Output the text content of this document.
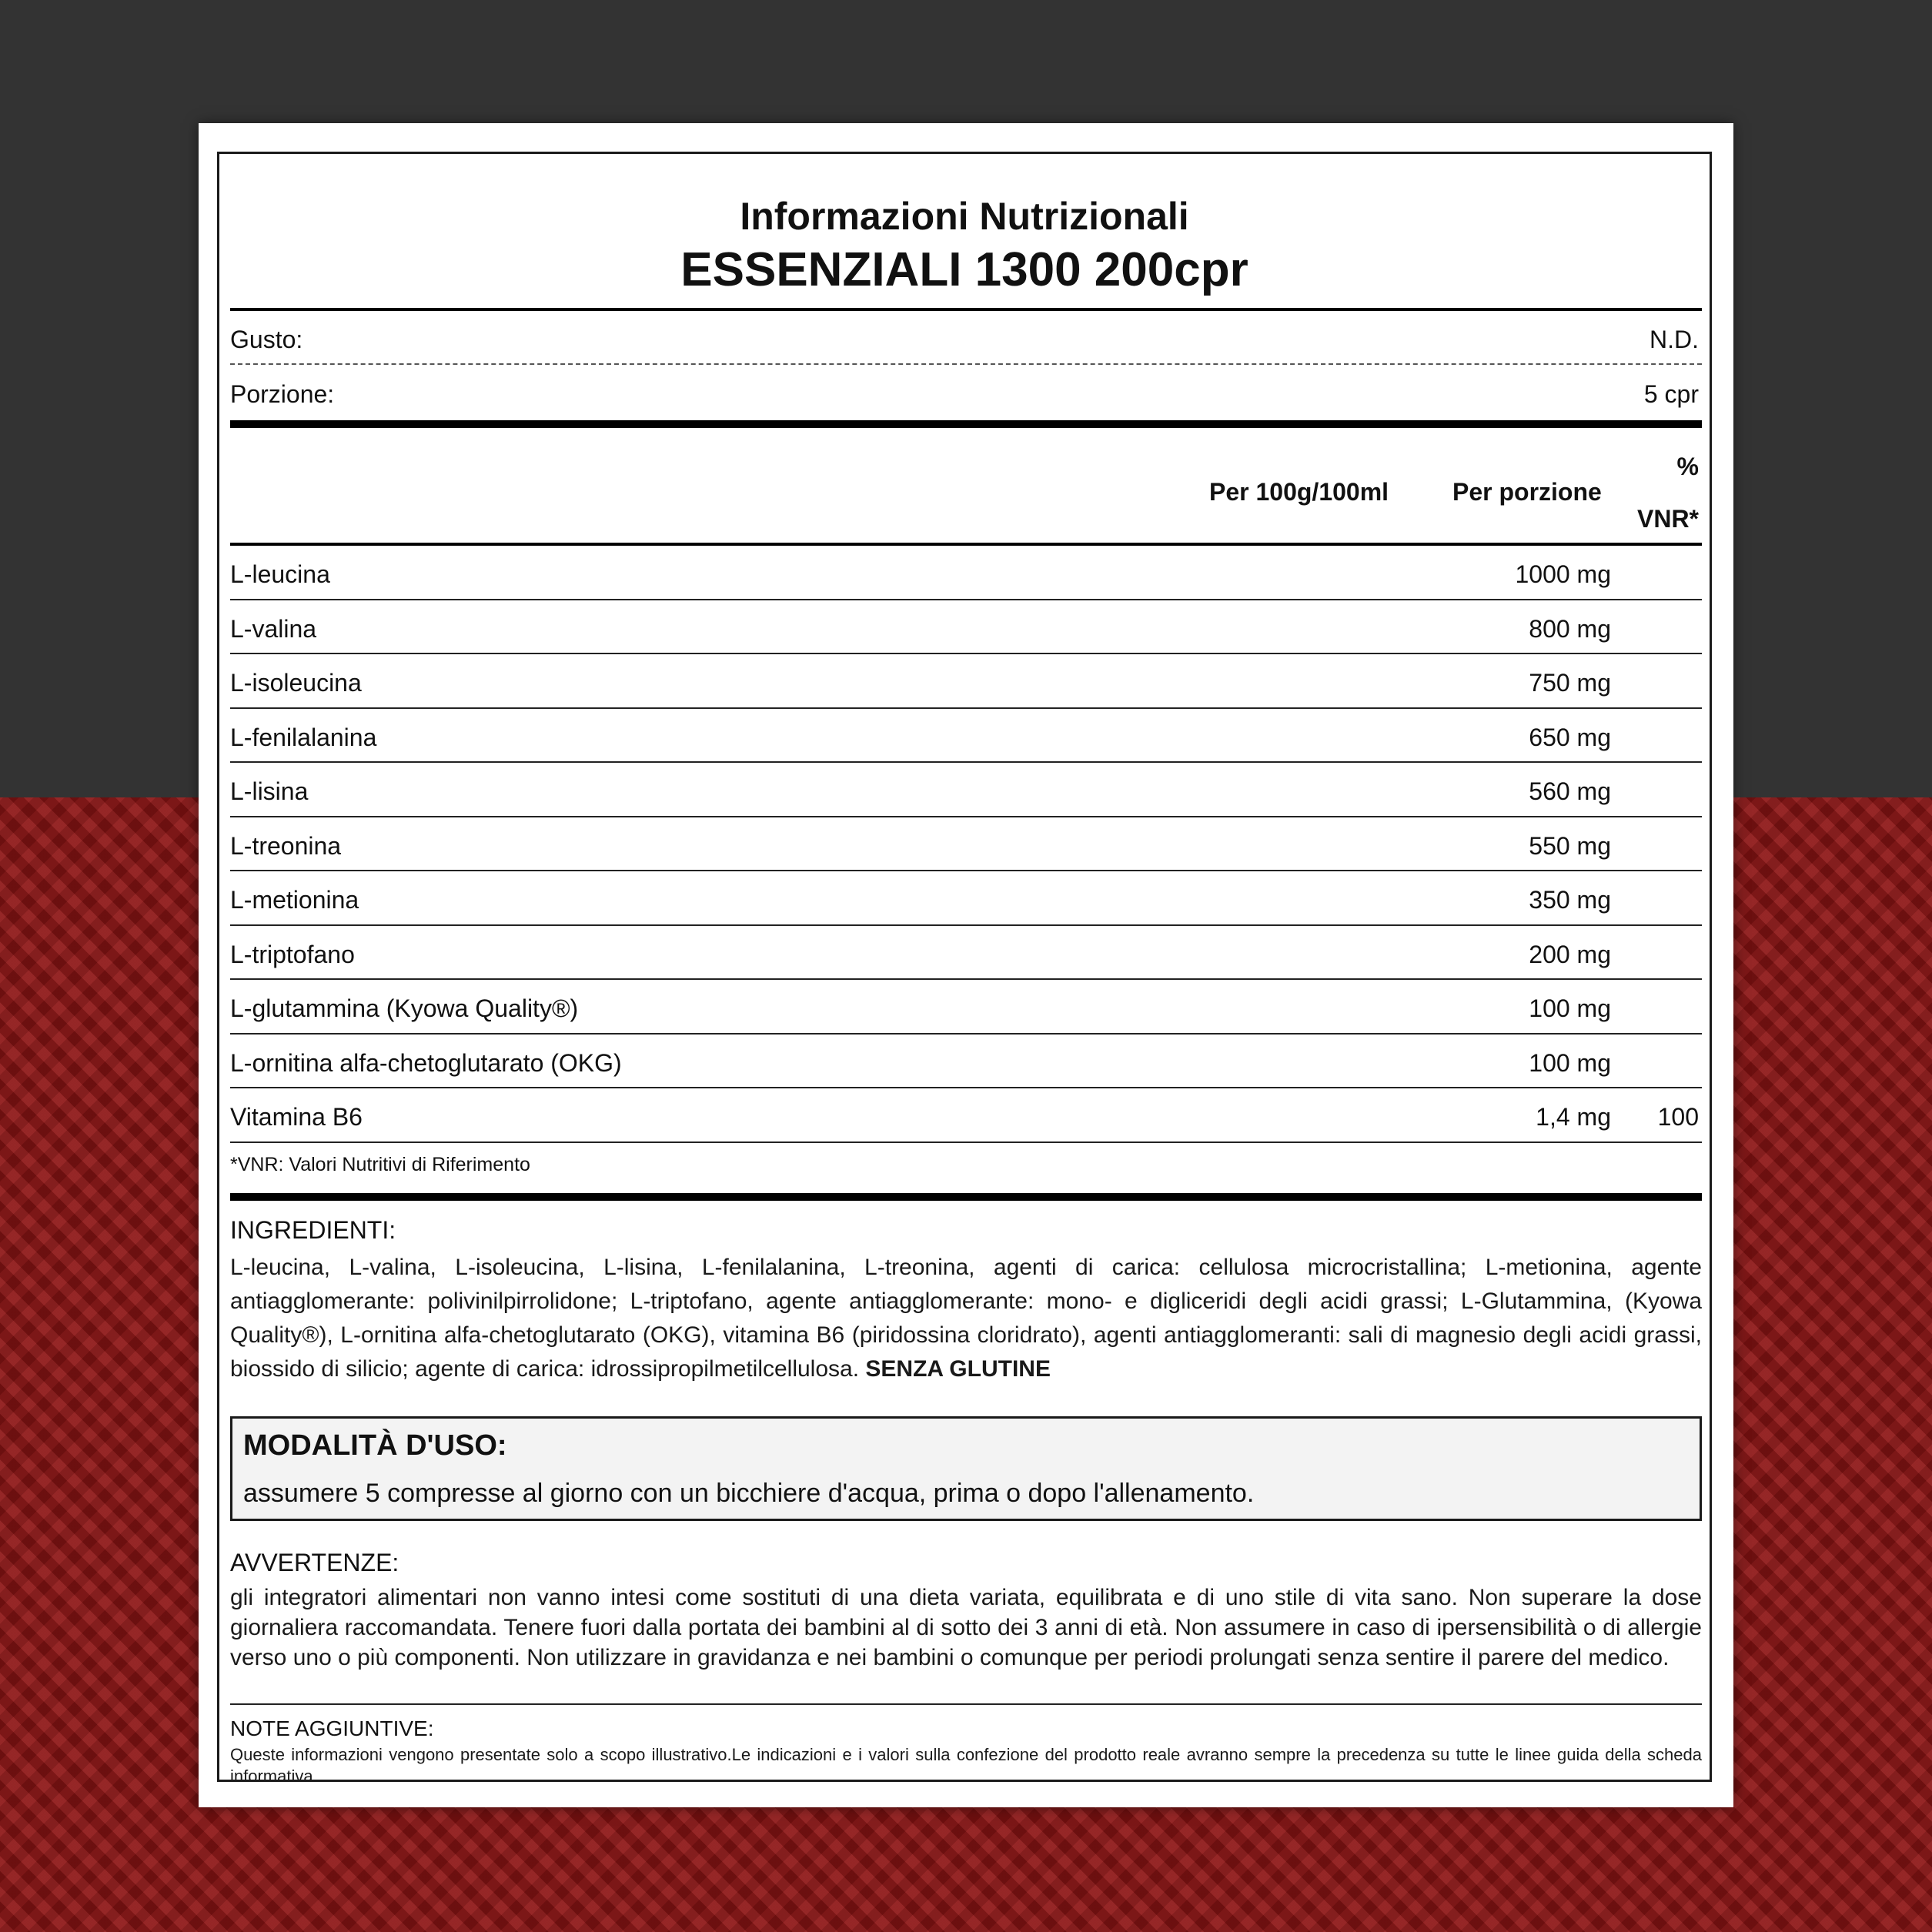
Informazioni Nutrizionali
ESSENZIALI 1300 200cpr
Gusto:	N.D.
Porzione:	5 cpr
Per 100g/100ml	Per porzione
%
VNR*
L-leucina	1000 mg
L-valina	800 mg
L-isoleucina	750 mg
L-fenilalanina	650 mg
L-lisina	560 mg
L-treonina	550 mg
L-metionina	350 mg
L-triptofano	200 mg
L-glutammina (Kyowa Quality®)	100 mg
L-ornitina alfa-chetoglutarato (OKG)	100 mg
Vitamina B6	1,4 mg 100
*VNR: Valori Nutritivi di Riferimento
INGREDIENTI:
L-leucina, L-valina, L-isoleucina, L-lisina, L-fenilalanina, L-treonina, agenti di carica: cellulosa microcristallina; L-metionina, agente antiagglomerante: polivinilpirrolidone; L-triptofano, agente antiagglomerante: mono- e digliceridi degli acidi grassi; L-Glutammina, (Kyowa Quality®), L-ornitina alfa-chetoglutarato (OKG), vitamina B6 (piridossina cloridrato), agenti antiagglomeranti: sali di magnesio degli acidi grassi, biossido di silicio; agente di carica: idrossipropilmetilcellulosa. SENZA GLUTINE
MODALITÀ D'USO:
assumere 5 compresse al giorno con un bicchiere d'acqua, prima o dopo l'allenamento.
AVVERTENZE:
gli integratori alimentari non vanno intesi come sostituti di una dieta variata, equilibrata e di uno stile di vita sano. Non superare la dose giornaliera raccomandata. Tenere fuori dalla portata dei bambini al di sotto dei 3 anni di età. Non assumere in caso di ipersensibilità o di allergie verso uno o più componenti. Non utilizzare in gravidanza e nei bambini o comunque per periodi prolungati senza sentire il parere del medico.
NOTE AGGIUNTIVE:
Queste informazioni vengono presentate solo a scopo illustrativo.Le indicazioni e i valori sulla confezione del prodotto reale avranno sempre la precedenza su tutte le linee guida della scheda informativa.
